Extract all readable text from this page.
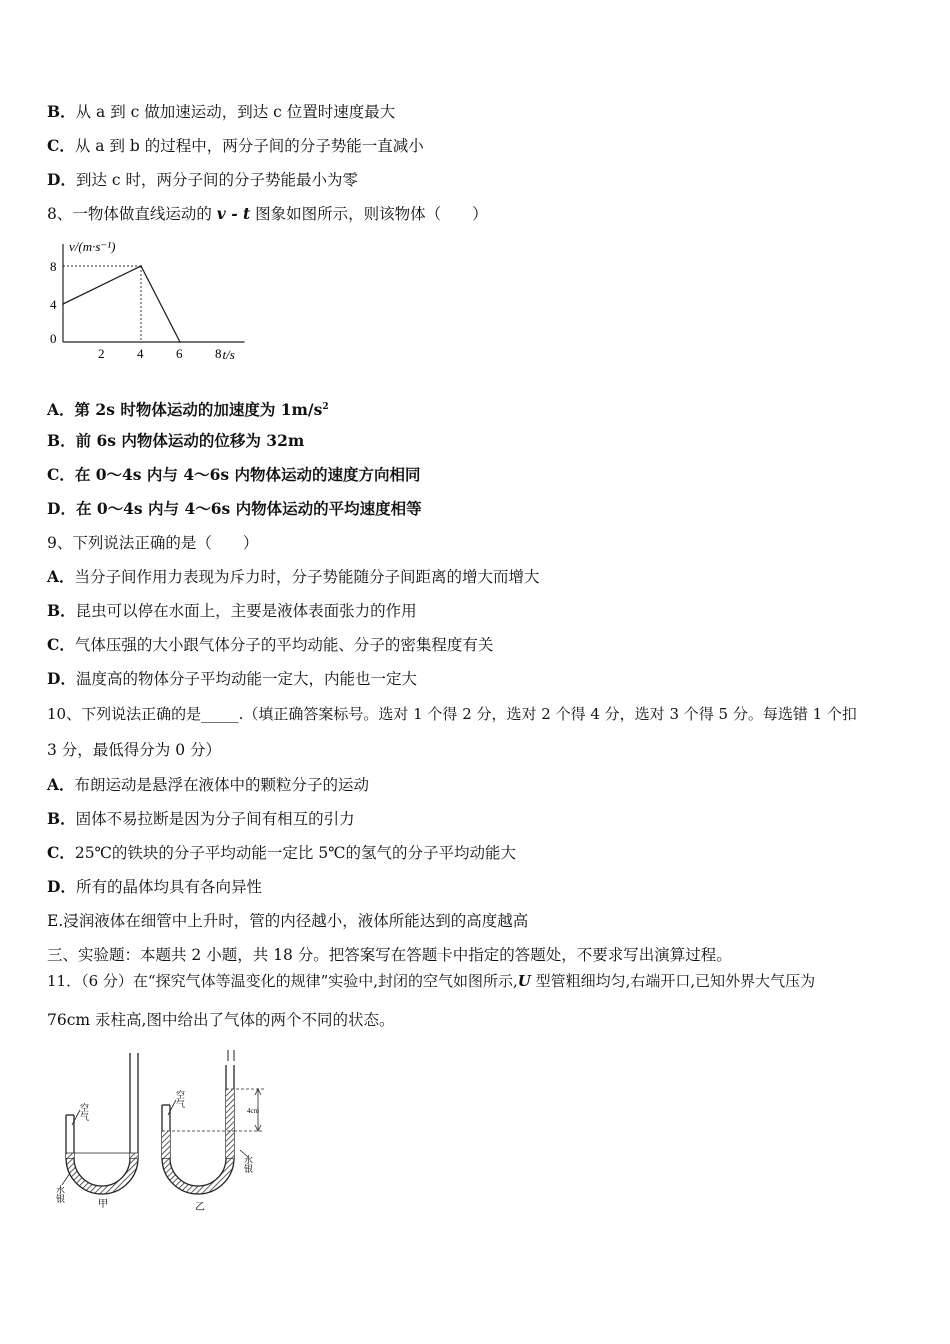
B．从 a 到 c 做加速运动，到达 c 位置时速度最大
C．从 a 到 b 的过程中，两分子间的分子势能一直减小
D．到达 c 时，两分子间的分子势能最小为零
8、一物体做直线运动的 v - t 图象如图所示，则该物体（　　）
v/(m·s⁻¹)
t/s
2	4	6	8
0
4
8
A．第 2s 时物体运动的加速度为 $1m/s^2$
B．前 6s 内物体运动的位移为 32m
C．在 0～4s 内与 4～6s 内物体运动的速度方向相同
D．在 0～4s 内与 4～6s 内物体运动的平均速度相等
9、下列说法正确的是（　　）
A．当分子间作用力表现为斥力时，分子势能随分子间距离的增大而增大
B．昆虫可以停在水面上，主要是液体表面张力的作用
C．气体压强的大小跟气体分子的平均动能、分子的密集程度有关
D．温度高的物体分子平均动能一定大，内能也一定大
10、下列说法正确的是_____.（填正确答案标号。选对 1 个得 2 分，选对 2 个得 4 分，选对 3 个得 5 分。每选错 1 个扣
3 分，最低得分为 0 分）
A．布朗运动是悬浮在液体中的颗粒分子的运动
B．固体不易拉断是因为分子间有相互的引力
C．25℃的铁块的分子平均动能一定比 5℃的氢气的分子平均动能大
D．所有的晶体均具有各向异性
E.浸润液体在细管中上升时，管的内径越小，液体所能达到的高度越高
三、实验题：本题共 2 小题，共 18 分。把答案写在答题卡中指定的答题处，不要求写出演算过程。
11．（6 分）在“探究气体等温变化的规律”实验中,封闭的空气如图所示,U 型管粗细均匀,右端开口,已知外界大气压为
76cm 汞柱高,图中给出了气体的两个不同的状态。
空气
水银
甲
4cm
空气
水银
乙
